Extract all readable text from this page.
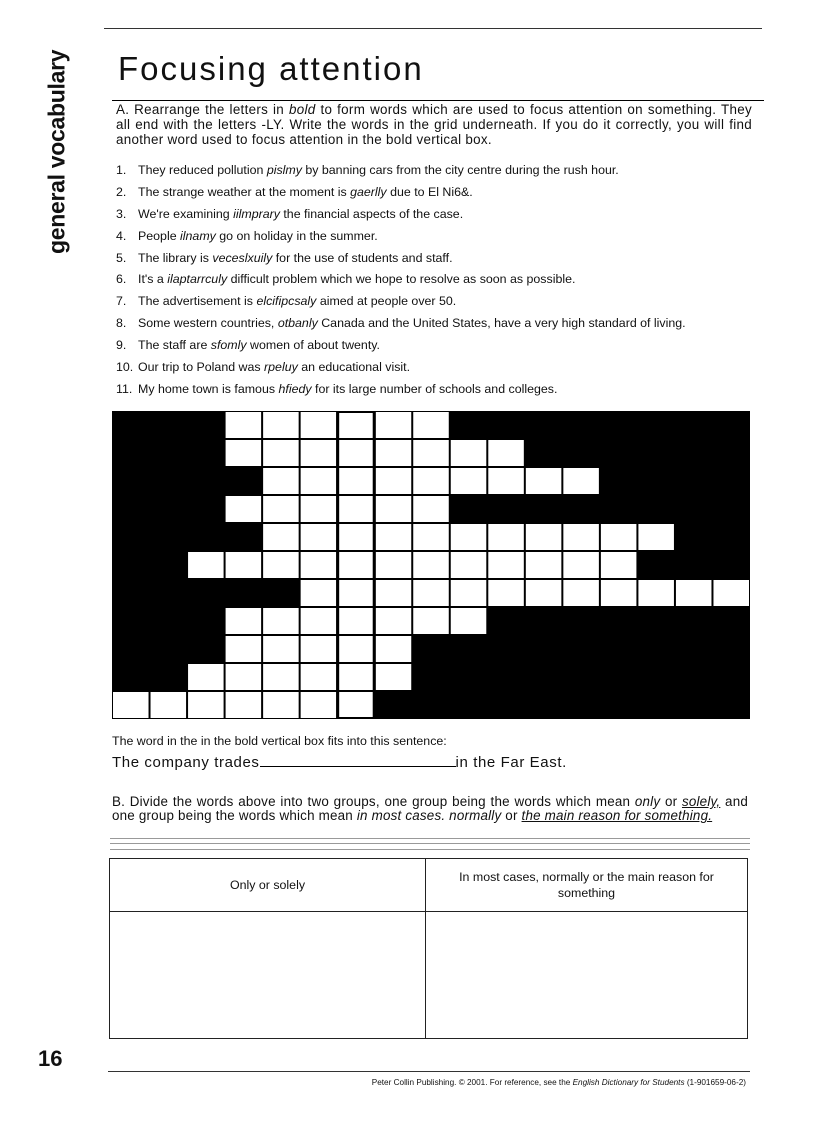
general vocabulary Focusing attention
A. Rearrange the letters in bold to form words which are used to focus attention on something. They all end with the letters -LY. Write the words in the grid underneath. If you do it correctly, you will find another word used to focus attention in the bold vertical box.
1. They reduced pollution pislmy by banning cars from the city centre during the rush hour.
2. The strange weather at the moment is gaerlly due to El Ni6&.
3. We're examining iilmprary the financial aspects of the case.
4. People ilnamy go on holiday in the summer.
5. The library is veceslxuily for the use of students and staff.
6. It's a ilaptarrculy difficult problem which we hope to resolve as soon as possible.
7. The advertisement is elcifipcsaly aimed at people over 50.
8. Some western countries, otbanly Canada and the United States, have a very high standard of living.
9. The staff are sfomly women of about twenty.
10. Our trip to Poland was rpeluy an educational visit.
11. My home town is famous hfiedy for its large number of schools and colleges.
The word in the in the bold vertical box fits into this sentence:
The company trades	in the Far East.
B. Divide the words above into two groups, one group being the words which mean only or solely, and one group being the words which mean in most cases. normally or the main reason for something.
Only or solely
In most cases, normally or the main reason for something
16
Peter Collin Publishing. © 2001. For reference, see the English Dictionary for Students (1-901659-06-2)
